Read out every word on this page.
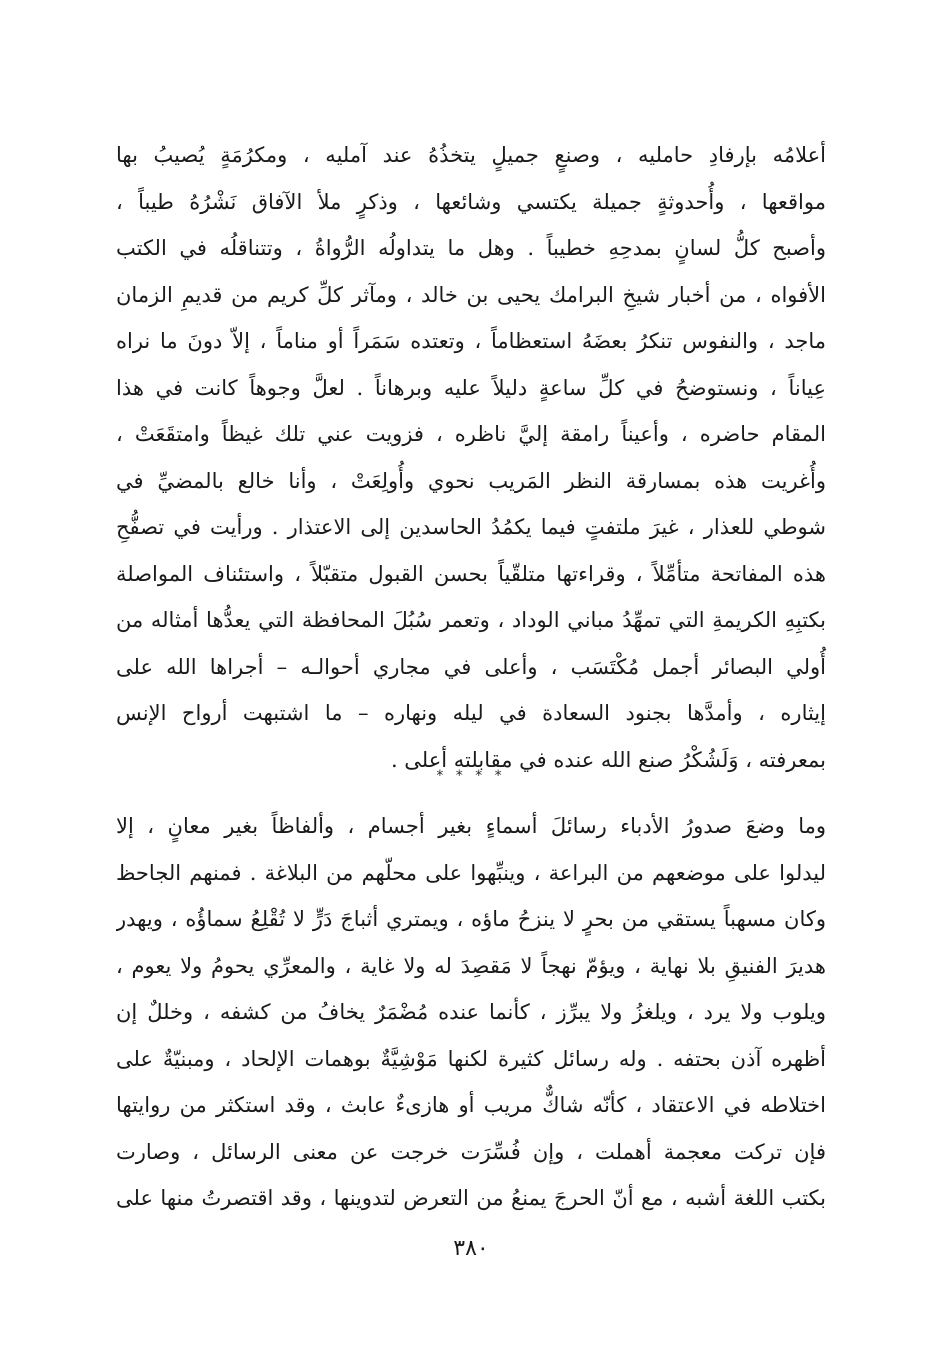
أعلامُه بإرفادِ حامليه ، وصنعٍ جميلٍ يتخذُهُ عند آمليه ، ومكرُمَةٍ يُصيبُ بها
مواقعها ، وأُحدوثةٍ جميلة يكتسي وشائعها ، وذكرٍ ملأ الآفاق نَشْرُهُ طيباً ،
وأصبح كلُّ لسانٍ بمدحِهِ خطيباً . وهل ما يتداولُه الرُّواةُ ، وتتناقلُه في الكتب
الأفواه ، من أخبار شيخِ البرامك يحيى بن خالد ، ومآثر كلِّ كريم من قديمِ الزمان
ماجد ، والنفوس تنكرُ بعضَهُ استعظاماً ، وتعتده سَمَراً أو مناماً ، إلاّ دونَ ما نراه
عِياناً ، ونستوضحُ في كلِّ ساعةٍ دليلاً عليه وبرهاناً . لعلَّ وجوهاً كانت في هذا
المقام حاضره ، وأعيناً رامقة إليَّ ناظره ، فزويت عني تلك غيظاً وامتقَعَتْ ،
وأُغريت هذه بمسارقة النظر المَريب نحوي وأُولِعَتْ ، وأنا خالع بالمضيِّ في
شوطي للعذار ، غيرَ ملتفتٍ فيما يكمُدُ الحاسدين إلى الاعتذار . ورأيت في تصفُّحِ
هذه المفاتحة متأمِّلاً ، وقراءتها متلقّياً بحسن القبول متقبّلاً ، واستئناف المواصلة
بكتبِهِ الكريمةِ التي تمهِّدُ مباني الوداد ، وتعمر سُبُلَ المحافظة التي يعدُّها أمثاله من
أُولي البصائر أجمل مُكْتَسَب ، وأعلى في مجاري أحوالـه – أجراها الله على
إيثاره ، وأمدَّها بجنود السعادة في ليله ونهاره – ما اشتبهت أرواح الإنس
بمعرفته ، وَلَشُكْرُ صنع الله عنده في مقابلته أعلى .
* * * *
وما وضعَ صدورُ الأدباء رسائلَ أسماءٍ بغير أجسام ، وألفاظاً بغير معانٍ ، إلا
ليدلوا على موضعهم من البراعة ، وينبِّهوا على محلّهم من البلاغة . فمنهم الجاحظ
وكان مسهباً يستقي من بحرٍ لا ينزحُ ماؤه ، ويمتري أثباجَ دَرٍّ لا تُقْلِعُ سماؤُه ، ويهدر
هديرَ الفنيقِ بلا نهاية ، ويؤمّ نهجاً لا مَقصِدَ له ولا غاية ، والمعرِّي يحومُ ولا يعوم ،
ويلوب ولا يرد ، ويلغزُ ولا يبرِّز ، كأنما عنده مُضْمَرٌ يخافُ من كشفه ، وخللٌ إن
أظهره آذن بحتفه . وله رسائل كثيرة لكنها مَوْشِيَّةٌ بوهمات الإلحاد ، ومبنيّةٌ على
اختلاطه في الاعتقاد ، كأنّه شاكٌّ مريب أو هازىءٌ عابث ، وقد استكثر من روايتها
فإن تركت معجمة أهملت ، وإن فُسِّرَت خرجت عن معنى الرسائل ، وصارت
بكتب اللغة أشبه ، مع أنّ الحرجَ يمنعُ من التعرض لتدوينها ، وقد اقتصرتُ منها على
٣٨٠
